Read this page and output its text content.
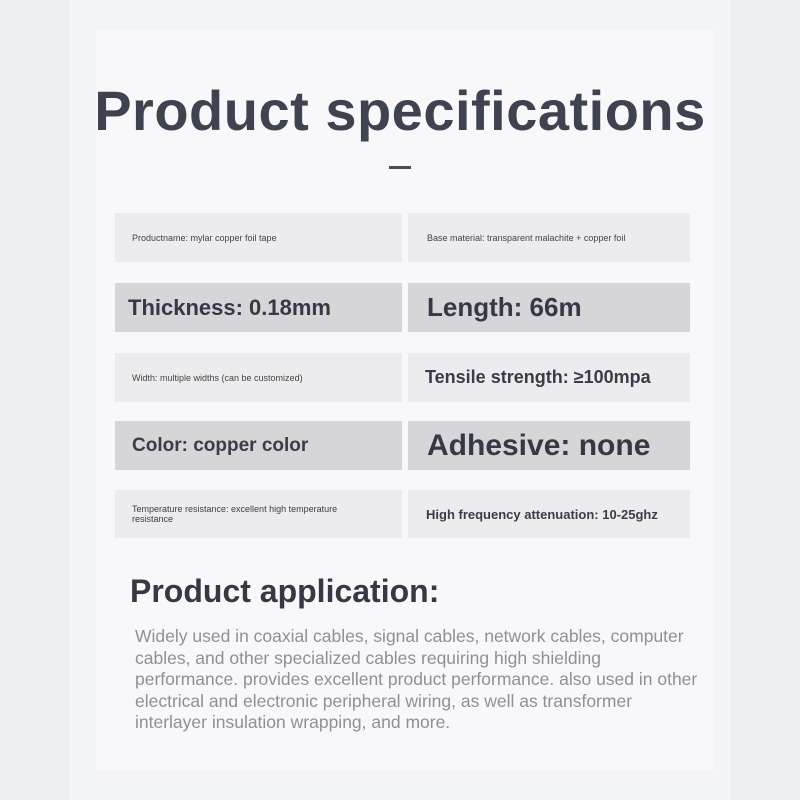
Product specifications
Productname: mylar copper foil tape	Base material: transparent malachite + copper foil
Thickness: 0.18mm	Length: 66m
Width: multiple widths (can be customized)	Tensile strength: ≥100mpa
Color: copper color	Adhesive: none
Temperature resistance: excellent high temperature resistance	High frequency attenuation: 10-25ghz
Product application:
Widely used in coaxial cables, signal cables, network cables, computer cables, and other specialized cables requiring high shielding performance. provides excellent product performance. also used in other electrical and electronic peripheral wiring, as well as transformer interlayer insulation wrapping, and more.
